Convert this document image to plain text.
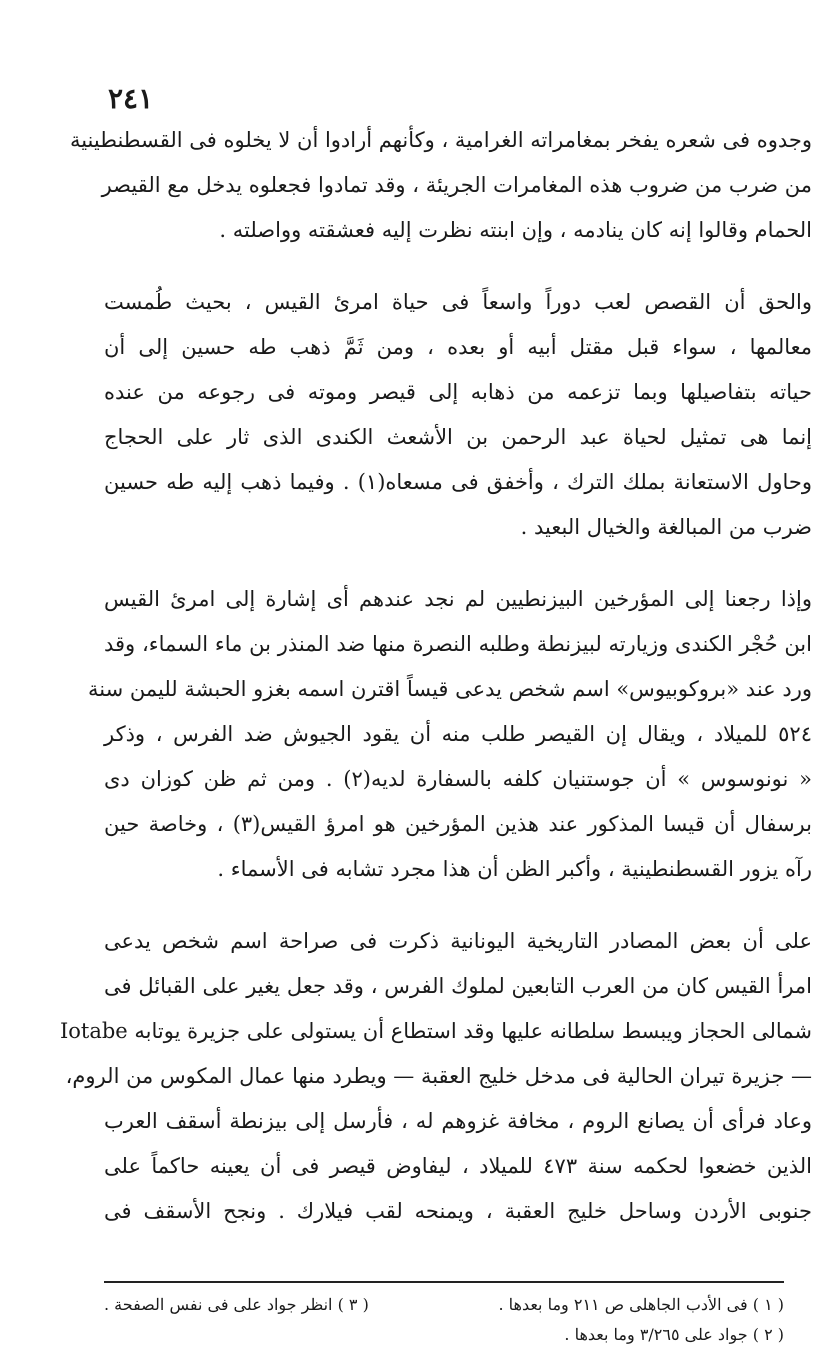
٢٤١
وجدوه فى شعره يفخر بمغامراته الغرامية ، وكأنهم أرادوا أن لا يخلوه فى القسطنطينية
من ضرب من ضروب هذه المغامرات الجريئة ، وقد تمادوا فجعلوه يدخل مع القيصر
الحمام وقالوا إنه كان ينادمه ، وإن ابنته نظرت إليه فعشقته وواصلته .
والحق أن القصص لعب دوراً واسعاً فى حياة امرئ القيس ، بحيث طُمست
معالمها ، سواء قبل مقتل أبيه أو بعده ، ومن ثَمَّ ذهب طه حسين إلى أن
حياته بتفاصيلها وبما تزعمه من ذهابه إلى قيصر وموته فى رجوعه من عنده
إنما هى تمثيل لحياة عبد الرحمن بن الأشعث الكندى الذى ثار على الحجاج
وحاول الاستعانة بملك الترك ، وأخفق فى مسعاه(١) . وفيما ذهب إليه طه حسين
ضرب من المبالغة والخيال البعيد .
وإذا رجعنا إلى المؤرخين البيزنطيين لم نجد عندهم أى إشارة إلى امرئ القيس
ابن حُجْر الكندى وزيارته لبيزنطة وطلبه النصرة منها ضد المنذر بن ماء السماء، وقد
ورد عند «بروكوبيوس» اسم شخص يدعى قيساً اقترن اسمه بغزو الحبشة لليمن سنة
٥٢٤ للميلاد ، ويقال إن القيصر طلب منه أن يقود الجيوش ضد الفرس ، وذكر
« نونوسوس » أن جوستنيان كلفه بالسفارة لديه(٢) . ومن ثم ظن كوزان دى
برسفال أن قيسا المذكور عند هذين المؤرخين هو امرؤ القيس(٣) ، وخاصة حين
رآه يزور القسطنطينية ، وأكبر الظن أن هذا مجرد تشابه فى الأسماء .
على أن بعض المصادر التاريخية اليونانية ذكرت فى صراحة اسم شخص يدعى
امرأ القيس كان من العرب التابعين لملوك الفرس ، وقد جعل يغير على القبائل فى
شمالى الحجاز ويبسط سلطانه عليها وقد استطاع أن يستولى على جزيرة يوتابه Iotabe
— جزيرة تيران الحالية فى مدخل خليج العقبة — ويطرد منها عمال المكوس من الروم،
وعاد فرأى أن يصانع الروم ، مخافة غزوهم له ، فأرسل إلى بيزنطة أسقف العرب
الذين خضعوا لحكمه سنة ٤٧٣ للميلاد ، ليفاوض قيصر فى أن يعينه حاكماً على
جنوبى الأردن وساحل خليج العقبة ، ويمنحه لقب فيلارك . ونجح الأسقف فى
( ١ ) فى الأدب الجاهلى ص ٢١١ وما بعدها .
( ٣ ) انظر جواد على فى نفس الصفحة .
( ٢ ) جواد على ٣/٢٦٥ وما بعدها .
